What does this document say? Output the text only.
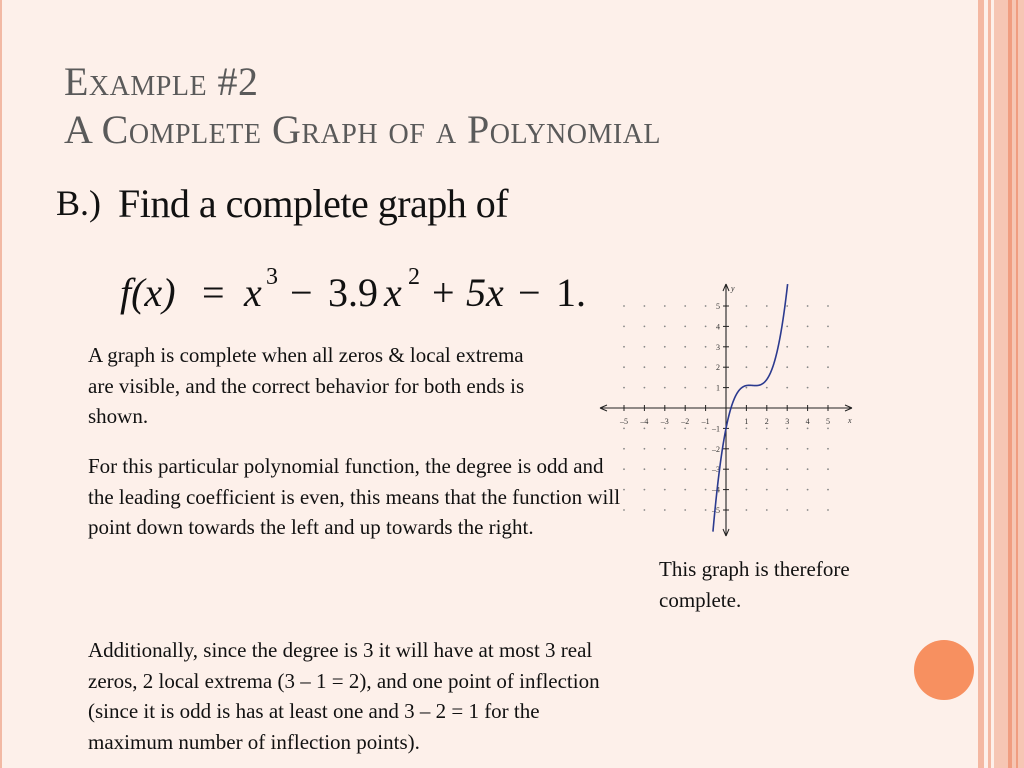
Example #2
A Complete Graph of a Polynomial
B.) Find a complete graph of
f(x) = x 3 − 3.9 x 2 + 5x − 1.
A graph is complete when all zeros & local extrema are visible, and the correct behavior for both ends is shown.
For this particular polynomial function, the degree is odd and the leading coefficient is even, this means that the function will point down towards the left and up towards the right.
Additionally, since the degree is 3 it will have at most 3 real zeros, 2 local extrema (3 – 1 = 2), and one point of inflection (since it is odd is has at least one and 3 – 2 = 1 for the maximum number of inflection points).
This graph is therefore complete.
–5 –4 –3 –2 –1	1 2 3 4 5
5
4
3
2
1
–1
–2
–3
–4
–5
x
y
